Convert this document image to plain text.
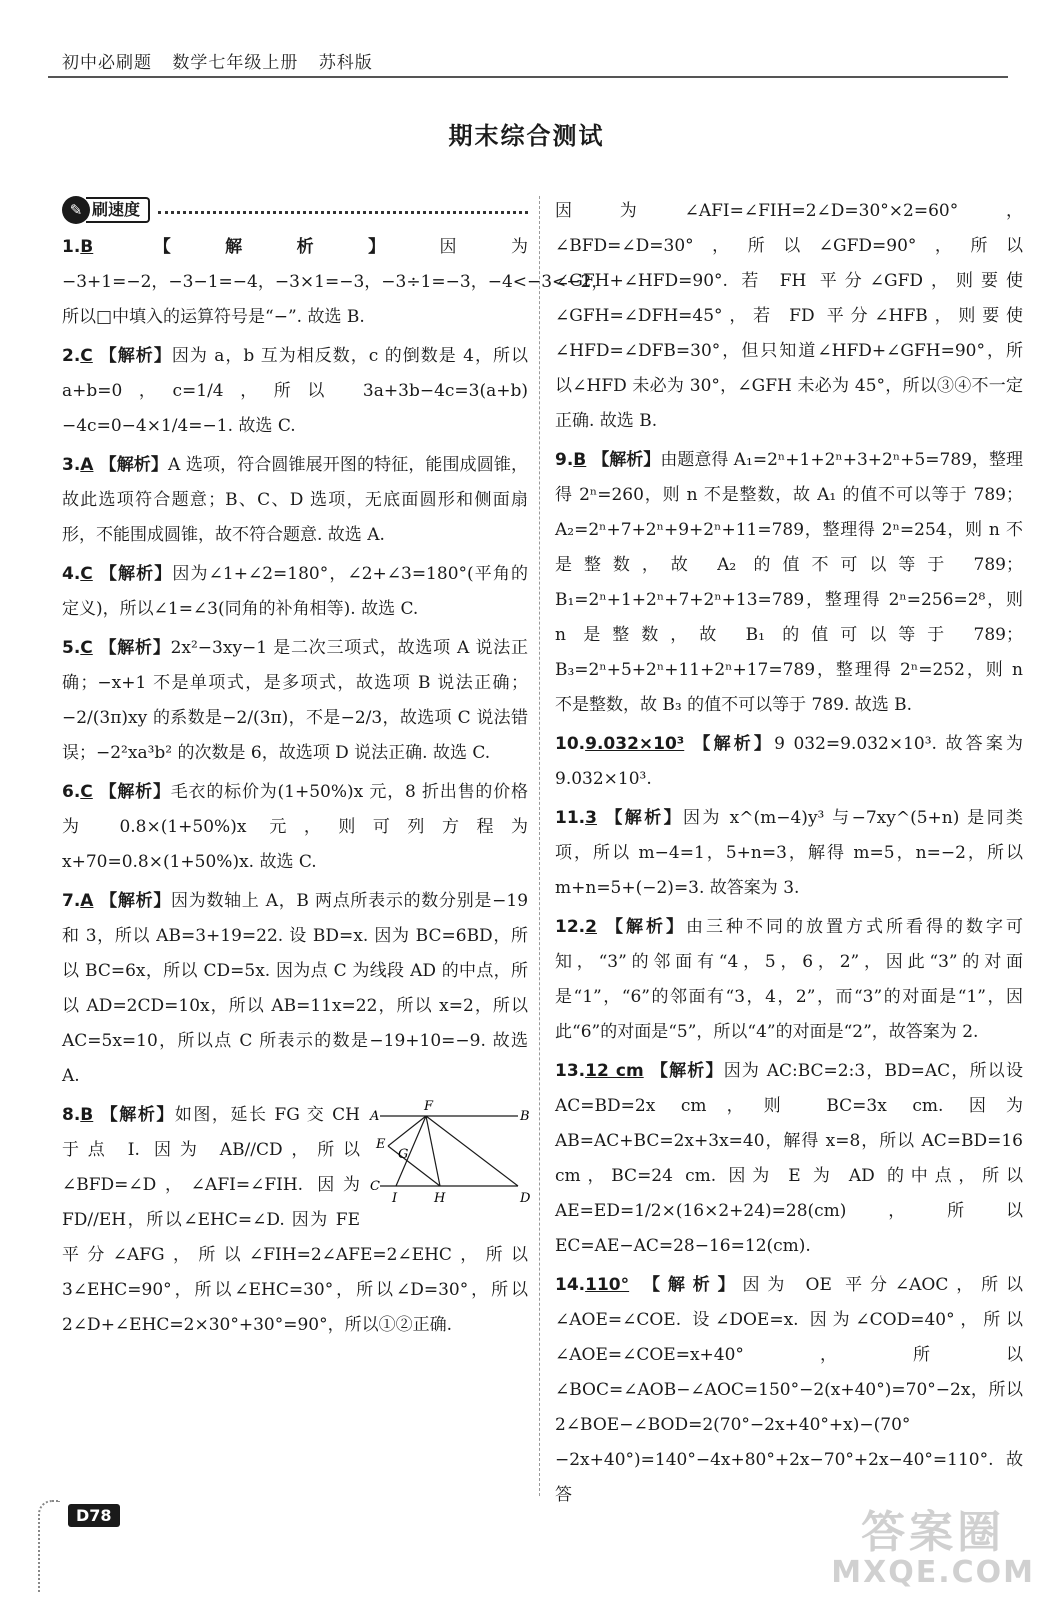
初中必刷题 数学七年级上册 苏科版
期末综合测试
✎ 刷速度
1.B 【解析】因为−3+1=−2，−3−1=−4，−3×1=−3，−3÷1=−3，−4<−3<−2，所以□中填入的运算符号是“−”. 故选 B.
2.C 【解析】因为 a，b 互为相反数，c 的倒数是 4，所以 a+b=0，c=1/4，所以 3a+3b−4c=3(a+b)−4c=0−4×1/4=−1. 故选 C.
3.A 【解析】A 选项，符合圆锥展开图的特征，能围成圆锥，故此选项符合题意；B、C、D 选项，无底面圆形和侧面扇形，不能围成圆锥，故不符合题意. 故选 A.
4.C 【解析】因为∠1+∠2=180°，∠2+∠3=180°(平角的定义)，所以∠1=∠3(同角的补角相等). 故选 C.
5.C 【解析】2x²−3xy−1 是二次三项式，故选项 A 说法正确；−x+1 不是单项式，是多项式，故选项 B 说法正确；−2/(3π)xy 的系数是−2/(3π)，不是−2/3，故选项 C 说法错误；−2²xa³b² 的次数是 6，故选项 D 说法正确. 故选 C.
6.C 【解析】毛衣的标价为(1+50%)x 元，8 折出售的价格为 0.8×(1+50%)x 元，则可列方程为 x+70=0.8×(1+50%)x. 故选 C.
7.A 【解析】因为数轴上 A，B 两点所表示的数分别是−19 和 3，所以 AB=3+19=22. 设 BD=x. 因为 BC=6BD，所以 BC=6x，所以 CD=5x. 因为点 C 为线段 AD 的中点，所以 AD=2CD=10x，所以 AB=11x=22，所以 x=2，所以 AC=5x=10，所以点 C 所表示的数是−19+10=−9. 故选 A.
A
F
B
E
G
C
I	H	D
8.B 【解析】如图，延长 FG 交 CH 于点 I. 因为 AB//CD，所以∠BFD=∠D，∠AFI=∠FIH. 因为 FD//EH，所以∠EHC=∠D. 因为 FE 平分∠AFG，所以∠FIH=2∠AFE=2∠EHC，所以 3∠EHC=90°，所以∠EHC=30°，所以∠D=30°，所以 2∠D+∠EHC=2×30°+30°=90°，所以①②正确.
因为∠AFI=∠FIH=2∠D=30°×2=60°，∠BFD=∠D=30°，所以∠GFD=90°，所以∠GFH+∠HFD=90°. 若 FH 平分∠GFD，则要使∠GFH=∠DFH=45°，若 FD 平分∠HFB，则要使∠HFD=∠DFB=30°，但只知道∠HFD+∠GFH=90°，所以∠HFD 未必为 30°，∠GFH 未必为 45°，所以③④不一定正确. 故选 B.
9.B 【解析】由题意得 A₁=2ⁿ+1+2ⁿ+3+2ⁿ+5=789，整理得 2ⁿ=260，则 n 不是整数，故 A₁ 的值不可以等于 789；A₂=2ⁿ+7+2ⁿ+9+2ⁿ+11=789，整理得 2ⁿ=254，则 n 不是整数，故 A₂ 的值不可以等于 789；B₁=2ⁿ+1+2ⁿ+7+2ⁿ+13=789，整理得 2ⁿ=256=2⁸，则 n 是整数，故 B₁ 的值可以等于 789；B₃=2ⁿ+5+2ⁿ+11+2ⁿ+17=789，整理得 2ⁿ=252，则 n 不是整数，故 B₃ 的值不可以等于 789. 故选 B.
10.9.032×10³ 【解析】9 032=9.032×10³. 故答案为 9.032×10³.
11.3 【解析】因为 x^(m−4)y³ 与−7xy^(5+n) 是同类项，所以 m−4=1，5+n=3，解得 m=5，n=−2，所以 m+n=5+(−2)=3. 故答案为 3.
12.2 【解析】由三种不同的放置方式所看得的数字可知，“3”的邻面有“4，5，6，2”，因此“3”的对面是“1”，“6”的邻面有“3，4，2”，而“3”的对面是“1”，因此“6”的对面是“5”，所以“4”的对面是“2”，故答案为 2.
13.12 cm 【解析】因为 AC:BC=2:3，BD=AC，所以设 AC=BD=2x cm，则 BC=3x cm. 因为 AB=AC+BC=2x+3x=40，解得 x=8，所以 AC=BD=16 cm，BC=24 cm. 因为 E 为 AD 的中点，所以 AE=ED=1/2×(16×2+24)=28(cm)，所以 EC=AE−AC=28−16=12(cm).
14.110° 【解析】因为 OE 平分∠AOC，所以∠AOE=∠COE. 设∠DOE=x. 因为∠COD=40°，所以∠AOE=∠COE=x+40°，所以∠BOC=∠AOB−∠AOC=150°−2(x+40°)=70°−2x，所以 2∠BOE−∠BOD=2(70°−2x+40°+x)−(70°−2x+40°)=140°−4x+80°+2x−70°+2x−40°=110°. 故答
D78	答案圈
MXQE.COM
